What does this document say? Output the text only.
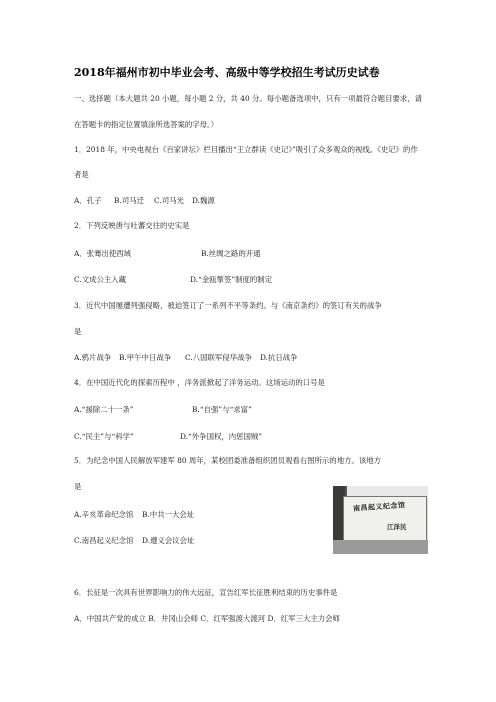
2018年福州市初中毕业会考、高级中等学校招生考试历史试卷
一、选择题（本大题共 20 小题，每小题 2 分，共 40 分。每小题备选项中，只有一项最符合题目要求，请
在答题卡的指定位置填涂所选答案的字母。）
1．2018 年，中央电视台《百家讲坛》栏目播出“王立群读《史记》”吸引了众多观众的视线。《史记》的作
者是
A．孔子 B.司马迁 C.司马光 D.魏源
2．下列反映唐与吐蕃交往的史实是
A．张骞出使西域	B.丝绸之路的开通
C.文成公主入藏	D.“金瓯掣签”制度的制定
3．近代中国屡遭列强侵略，被迫签订了一系列不平等条约。与《南京条约》的签订有关的战争
是
A.鸦片战争 B.甲午中日战争 C.八国联军侵华战争 D.抗日战争
4．在中国近代化的探索历程中 ，洋务派掀起了洋务运动。这场运动的口号是
A.“援除二十一条”	B.“自强”与“求富”
C.“民主”与“科学”	D.“外争国权，内惩国贼”
5．为纪念中国人民解放军建军 80 周年，某校团委准备组织团员观看右图所示的地方。该地方
是
A.辛亥革命纪念馆 B.中共一大会址
C.南昌起义纪念馆 D.遵义会议会址
南昌起义纪念馆
江泽民
6．长征是一次具有世界影响力的伟大远征，宣告红军长征胜利结束的历史事件是
A．中国共产党的成立 B．井冈山会师 C．红军强渡大渡河 D．红军三大主力会师
